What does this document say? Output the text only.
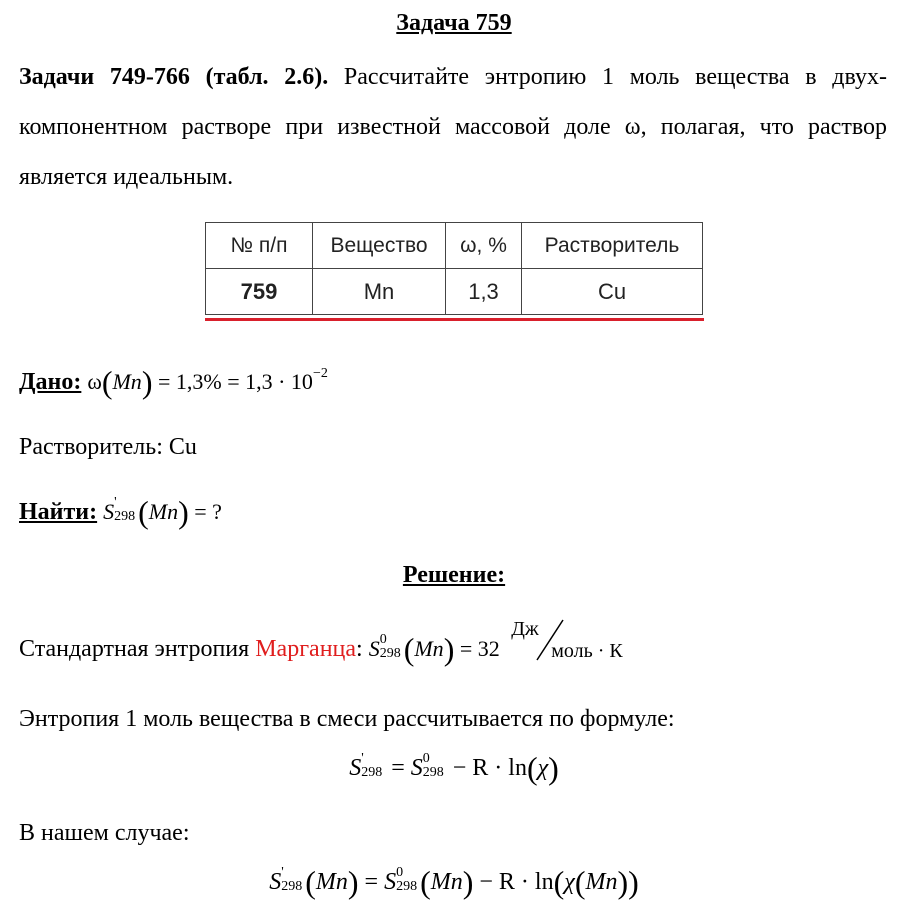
Задача 759
Задачи 749-766 (табл. 2.6). Рассчитайте энтропию 1 моль вещества в двух-компонентном растворе при известной массовой доле ω, полагая, что раствор является идеальным.
№ п/п	Вещество	ω, %	Растворитель
759	Mn	1,3	Cu
Дано: $\omega(Mn) = 1,3\% = 1,3 \cdot 10^{-2}$
Растворитель: Cu
Найти: S '
298 (Mn) = ?
Решение:
Стандартная энтропия Марганца: S 0
298 (Mn) = 32
Дж
моль · К
Энтропия 1 моль вещества в смеси рассчитывается по формуле:
S '
298 = S 0
298 − R · ln(χ)
В нашем случае:
S '
298 (Mn) = S 0
298 (Mn) − R · ln(χ(Mn))
